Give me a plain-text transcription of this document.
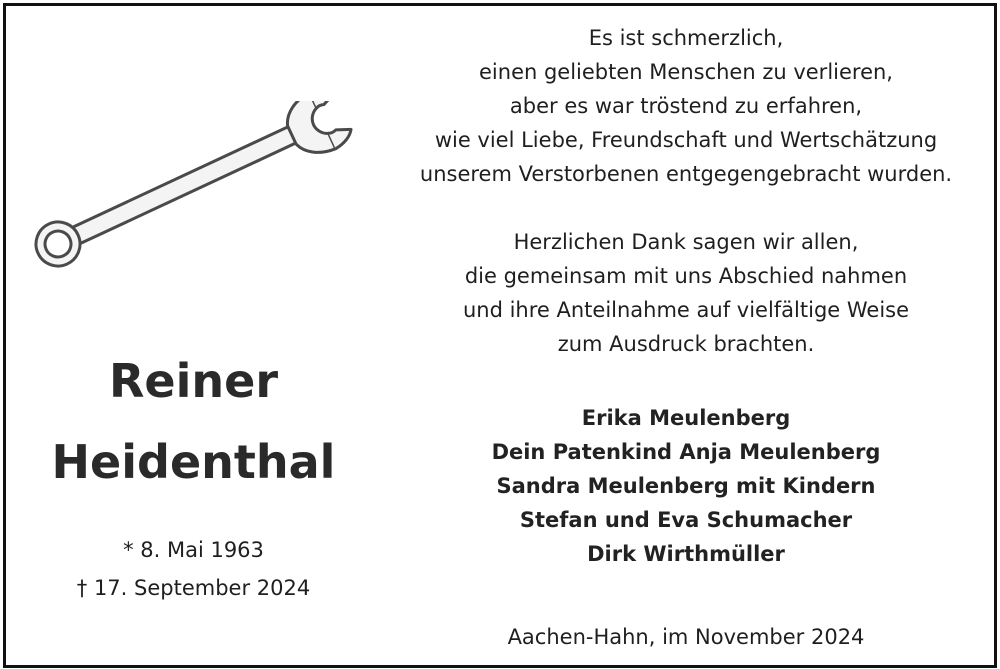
Reiner
Heidenthal
* 8. Mai 1963
† 17. September 2024
Es ist schmerzlich,
einen geliebten Menschen zu verlieren,
aber es war tröstend zu erfahren,
wie viel Liebe, Freundschaft und Wertschätzung
unserem Verstorbenen entgegengebracht wurden.
Herzlichen Dank sagen wir allen,
die gemeinsam mit uns Abschied nahmen
und ihre Anteilnahme auf vielfältige Weise
zum Ausdruck brachten.
Erika Meulenberg
Dein Patenkind Anja Meulenberg
Sandra Meulenberg mit Kindern
Stefan und Eva Schumacher
Dirk Wirthmüller
Aachen-Hahn, im November 2024
